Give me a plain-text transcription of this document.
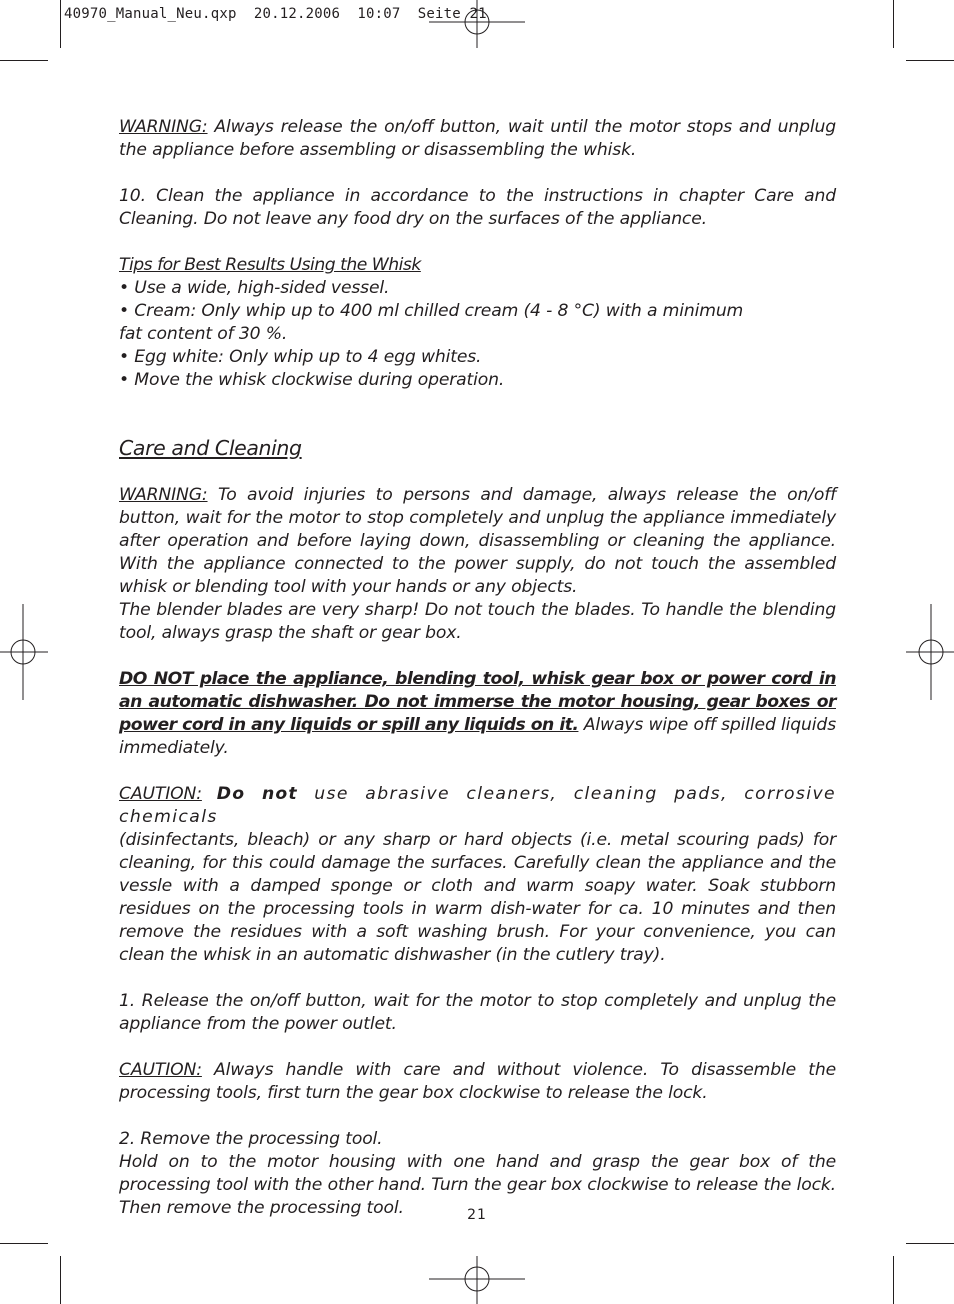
40970_Manual_Neu.qxp  20.12.2006  10:07  Seite 21

WARNING: Always release the on/off button, wait until the motor stops and unplug the appliance before assembling or disassembling the whisk.

10. Clean the appliance in accordance to the instructions in chapter Care and Cleaning. Do not leave any food dry on the surfaces of the appliance.

Tips for Best Results Using the Whisk

• Use a wide, high-sided vessel.

• Cream: Only whip up to 400 ml chilled cream (4 - 8 °C) with a minimum

fat content of 30 %.

• Egg white: Only whip up to 4 egg whites.

• Move the whisk clockwise during operation.

Care and Cleaning

WARNING: To avoid injuries to persons and damage, always release the on/off button, wait for the motor to stop completely and unplug the appliance immediately after operation and before laying down, disassembling or cleaning the appliance. With the appliance connected to the power supply, do not touch the assembled whisk or blending tool with your hands or any objects.

The blender blades are very sharp! Do not touch the blades. To handle the blending tool, always grasp the shaft or gear box.

DO NOT place the appliance, blending tool, whisk gear box or power cord in an automatic dishwasher. Do not immerse the motor housing, gear boxes or power cord in any liquids or spill any liquids on it. Always wipe off spilled liquids immediately.

CAUTION: Do not use abrasive cleaners, cleaning pads, corrosive chemicals

(disinfectants, bleach) or any sharp or hard objects (i.e. metal scouring pads) for cleaning, for this could damage the surfaces. Carefully clean the appliance and the vessle with a damped sponge or cloth and warm soapy water. Soak stubborn residues on the processing tools in warm dish-water for ca. 10 minutes and then remove the residues with a soft washing brush. For your convenience, you can clean the whisk in an automatic dishwasher (in the cutlery tray).

1. Release the on/off button, wait for the motor to stop completely and unplug the appliance from the power outlet.

CAUTION: Always handle with care and without violence. To disassemble the processing tools, first turn the gear box clockwise to release the lock.

2. Remove the processing tool.

Hold on to the motor housing with one hand and grasp the gear box of the processing tool with the other hand. Turn the gear box clockwise to release the lock. Then remove the processing tool.	21
